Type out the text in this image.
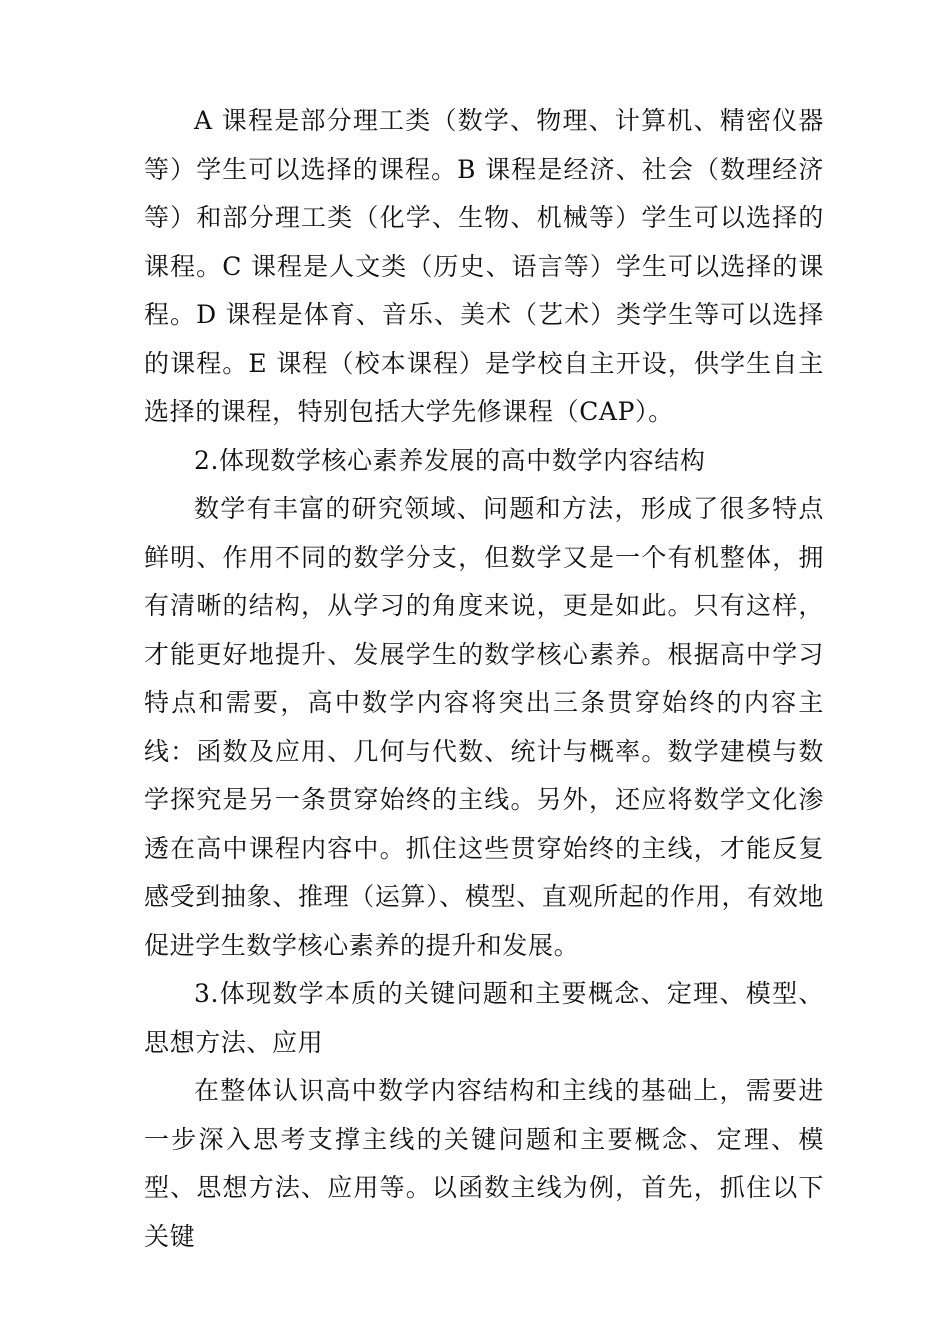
A 课程是部分理工类（数学、物理、计算机、精密仪器等）学生可以选择的课程。B 课程是经济、社会（数理经济等）和部分理工类（化学、生物、机械等）学生可以选择的课程。C 课程是人文类（历史、语言等）学生可以选择的课程。D 课程是体育、音乐、美术（艺术）类学生等可以选择的课程。E 课程（校本课程）是学校自主开设，供学生自主选择的课程，特别包括大学先修课程（CAP）。

2.体现数学核心素养发展的高中数学内容结构

数学有丰富的研究领域、问题和方法，形成了很多特点鲜明、作用不同的数学分支，但数学又是一个有机整体，拥有清晰的结构，从学习的角度来说，更是如此。只有这样，才能更好地提升、发展学生的数学核心素养。根据高中学习特点和需要，高中数学内容将突出三条贯穿始终的内容主线：函数及应用、几何与代数、统计与概率。数学建模与数学探究是另一条贯穿始终的主线。另外，还应将数学文化渗透在高中课程内容中。抓住这些贯穿始终的主线，才能反复感受到抽象、推理（运算）、模型、直观所起的作用，有效地促进学生数学核心素养的提升和发展。

3.体现数学本质的关键问题和主要概念、定理、模型、思想方法、应用

在整体认识高中数学内容结构和主线的基础上，需要进一步深入思考支撑主线的关键问题和主要概念、定理、模型、思想方法、应用等。以函数主线为例，首先，抓住以下关键
